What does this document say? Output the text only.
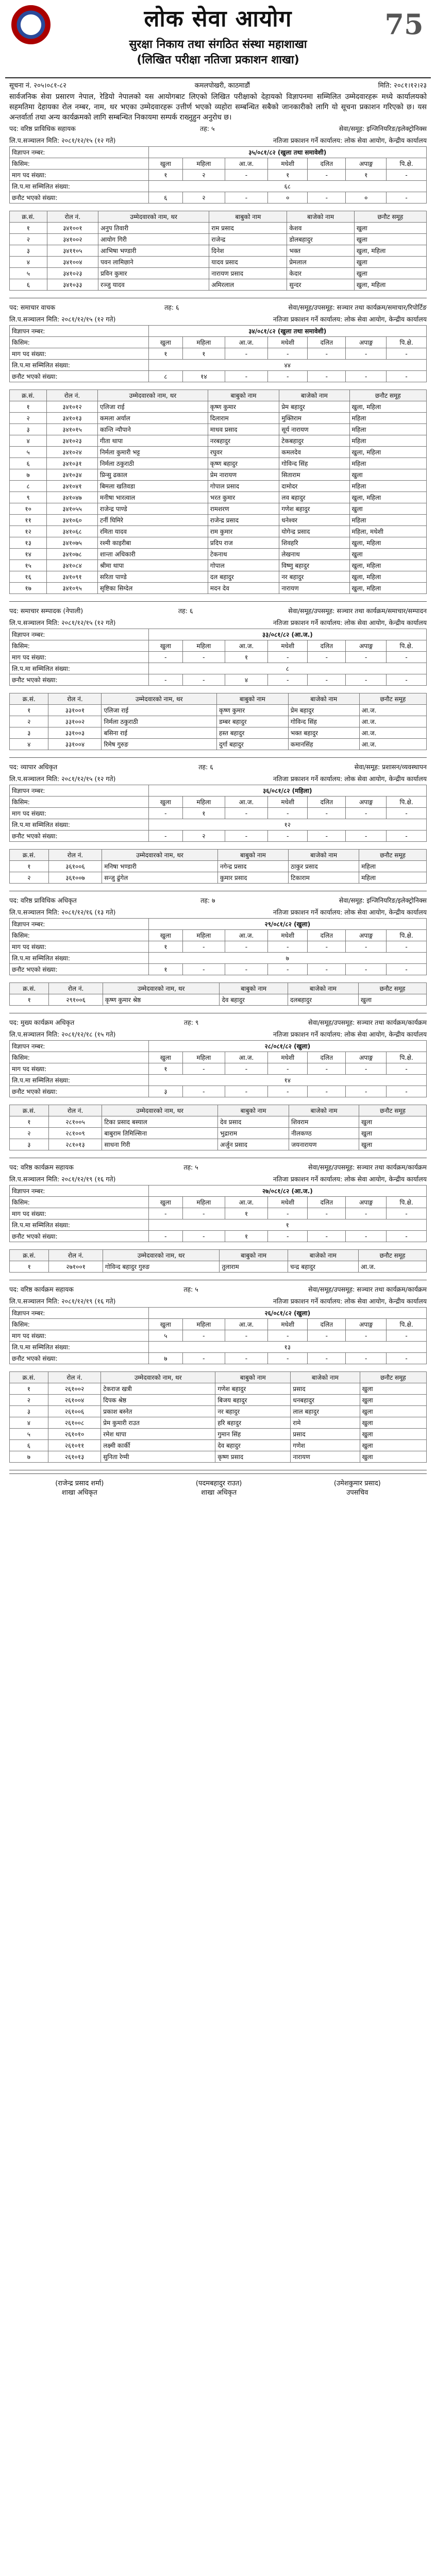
लोक सेवा आयोग
सुरक्षा निकाय तथा संगठित संस्था महाशाखा
(लिखित परीक्षा नतिजा प्रकाशन शाखा)
75
सूचना नं. २०५।०८१-८२	कमलपोखरी, काठमाडौं	मिति: २०८१।१२।२३
सार्वजनिक सेवा प्रसारण नेपाल, रेडियो नेपालको यस आयोगबाट लिएको लिखित परीक्षाको देहायको विज्ञापनमा सम्मिलित उम्मेदवारहरू मध्ये कार्यालयको सहमतिमा देहायका रोल नम्बर, नाम, थर भएका उम्मेदवारहरू उत्तीर्ण भएको व्यहोरा सम्बन्धित सबैको जानकारीको लागि यो सूचना प्रकाशन गरिएको छ। यस अन्तर्वार्ता तथा अन्य कार्यक्रमको लागि सम्बन्धित निकायमा सम्पर्क राख्नुहुन अनुरोध छ।
पद: वरिष्ठ प्राविधिक सहायक	तह: ५	सेवा/समूह: इन्जिनियरिङ/इलेक्ट्रोनिक्स
लि.प.सञ्चालन मिति: २०८१/१२/१५ (१२ गते)	नतिजा प्रकाशन गर्ने कार्यालय: लोक सेवा आयोग, केन्द्रीय कार्यालय
विज्ञापन नम्बर:	३५/०८१/८२ (खुला तथा समावेशी)						
किसिम:	खुला	महिला	आ.ज.	मधेशी	दलित	अपाङ्ग	पि.क्षे.
माग पद संख्या:	१	२	-	१	-	१	-
लि.प.मा सम्मिलित संख्या:	६८						
छनौट भएको संख्या:	६	२	-	०	-	०	-
क्र.सं.	रोल नं.	उम्मेदवारको नाम, थर	बाबुको नाम	बाजेको नाम	छनौट समूह
१	३४१००१	अनुप तिवारी	राम प्रसाद	केशव	खुला
२	३४१००२	आयोग गिरी	राजेन्द्र	डोलबहादुर	खुला
३	३४११०५	आभिषा भण्डारी	दिनेश	भक्त	खुला, महिला
४	३४१००४	पवन लामिछाने	यादव प्रसाद	प्रेमलाल	खुला
५	३४१०२३	प्रविन कुमार	नारायण प्रसाद	केदार	खुला
६	३४१०३३	रञ्जु यादव	अमिरलाल	सुन्दर	खुला, महिला
पद: समाचार वाचक	तह: ६	सेवा/समूह/उपसमूह: सञ्चार तथा कार्यक्रम/समाचार/रिपोर्टिङ
लि.प.सञ्चालन मिति: २०८१/१२/१५ (१२ गते)	नतिजा प्रकाशन गर्ने कार्यालय: लोक सेवा आयोग, केन्द्रीय कार्यालय
विज्ञापन नम्बर:	३४/०८१/८२ (खुला तथा समावेशी)						
किसिम:	खुला	महिला	आ.ज.	मधेशी	दलित	अपाङ्ग	पि.क्षे.
माग पद संख्या:	१	१	-	-	-	-	-
लि.प.मा सम्मिलित संख्या:	४४						
छनौट भएको संख्या:	८	१४	-	-	-	-	-
क्र.सं.	रोल नं.	उम्मेदवारको नाम, थर	बाबुको नाम	बाजेको नाम	छनौट समूह
१	३४१०१२	एलिजा राई	कृष्ण कुमार	प्रेम बहादुर	खुला, महिला
२	३४१०१३	कमला अर्याल	दिलाराम	मुक्तिराम	महिला
३	३४१०१५	कान्ति न्यौपाने	माधव प्रसाद	सूर्य नारायण	महिला
४	३४१०२३	गीता थापा	नरबहादुर	टेकबहादुर	महिला
५	३४१०२४	निर्मला कुमारी भट्ट	रघुवर	कमलदेव	खुला, महिला
६	३४१०३१	निर्मला ठकुराठी	कृष्ण बहादुर	गोविन्द सिंह	महिला
७	३४१०३४	प्रिन्सु ढकाल	प्रेम नारायण	सिताराम	खुला
८	३४१०४१	बिमला खतिवडा	गोपाल प्रसाद	दामोदर	महिला
९	३४१०४७	मनीषा भारत्वाल	भरत कुमार	लव बहादुर	खुला, महिला
१०	३४१०५५	राजेन्द्र पाण्डे	रामशरण	गणेश बहादुर	खुला
११	३४१०६०	टर्नी घिमिरे	राजेन्द्र प्रसाद	धनेश्वर	महिला
१२	३४१०६८	रमिता यादव	राम कुमार	योगेन्द्र प्रसाद	महिला, मधेशी
१३	३४१०७५	रश्मी काइरीबा	प्रदिप राज	शिवहरि	खुला, महिला
१४	३४१०७८	शान्ता अधिकारी	टेकनाथ	लेखनाथ	खुला
१५	३४१०८४	श्रीमा थापा	गोपाल	विष्णु बहादुर	खुला, महिला
१६	३४१०९१	सरिता पाण्डे	दल बहादुर	नर बहादुर	खुला, महिला
१७	३४१०९५	सृष्टिका सिग्देल	मदन देव	नारायण	खुला, महिला
पद: समाचार सम्पादक (नेपाली)	तह: ६	सेवा/समूह/उपसमूह: सञ्चार तथा कार्यक्रम/समाचार/सम्पादन
लि.प.सञ्चालन मिति: २०८१/१२/१५ (१२ गते)	नतिजा प्रकाशन गर्ने कार्यालय: लोक सेवा आयोग, केन्द्रीय कार्यालय
विज्ञापन नम्बर:	३३/०८१/८२ (आ.ज.)						
किसिम:	खुला	महिला	आ.ज.	मधेशी	दलित	अपाङ्ग	पि.क्षे.
माग पद संख्या:	-	-	१	-	-	-	-
लि.प.मा सम्मिलित संख्या:	८						
छनौट भएको संख्या:	-	-	४	-	-	-	-
क्र.सं.	रोल नं.	उम्मेदवारको नाम, थर	बाबुको नाम	बाजेको नाम	छनौट समूह
१	३३१००१	एलिजा राई	कृष्ण कुमार	प्रेम बहादुर	आ.ज.
२	३३१००२	निर्मला ठकुराठी	डम्बर बहादुर	गोविन्द सिंह	आ.ज.
३	३३१००३	बसिना राई	हस्त बहादुर	भक्त बहादुर	आ.ज.
४	३३१००४	रिमेष गुरुङ	दुर्गा बहादुर	कमानसिंह	आ.ज.
पद: व्यापार अधिकृत	तह: ६	सेवा/समूह: प्रशासन/व्यवस्थापन
लि.प.सञ्चालन मिति: २०८१/१२/१५ (१२ गते)	नतिजा प्रकाशन गर्ने कार्यालय: लोक सेवा आयोग, केन्द्रीय कार्यालय
विज्ञापन नम्बर:	३६/०८१/८२ (महिला)						
किसिम:	खुला	महिला	आ.ज.	मधेशी	दलित	अपाङ्ग	पि.क्षे.
माग पद संख्या:	-	१	-	-	-	-	-
लि.प.मा सम्मिलित संख्या:	१२						
छनौट भएको संख्या:	-	२	-	-	-	-	-
क्र.सं.	रोल नं.	उम्मेदवारको नाम, थर	बाबुको नाम	बाजेको नाम	छनौट समूह
१	३६१००६	मनिषा भण्डारी	नगेन्द्र प्रसाद	ठाकुर प्रसाद	महिला
२	३६१००७	सन्जु ढुंगेल	कुमार प्रसाद	टिकाराम	महिला
पद: वरिष्ठ प्राविधिक अधिकृत	तह: ७	सेवा/समूह: इन्जिनियरिङ/इलेक्ट्रोनिक्स
लि.प.सञ्चालन मिति: २०८१/१२/१६ (१३ गते)	नतिजा प्रकाशन गर्ने कार्यालय: लोक सेवा आयोग, केन्द्रीय कार्यालय
विज्ञापन नम्बर:	२९/०८१/८२ (खुला)						
किसिम:	खुला	महिला	आ.ज.	मधेशी	दलित	अपाङ्ग	पि.क्षे.
माग पद संख्या:	१	-	-	-	-	-	-
लि.प.मा सम्मिलित संख्या:	७						
छनौट भएको संख्या:	१	-	-	-	-	-	-
क्र.सं.	रोल नं.	उम्मेदवारको नाम, थर	बाबुको नाम	बाजेको नाम	छनौट समूह
१	२९१००६	कृष्ण कुमार श्रेष्ठ	देव बहादुर	दलबहादुर	खुला
पद: मुख्य कार्यक्रम अधिकृत	तह: ९	सेवा/समूह/उपसमूह: सञ्चार तथा कार्यक्रम/कार्यक्रम
लि.प.सञ्चालन मिति: २०८१/१२/१८ (१५ गते)	नतिजा प्रकाशन गर्ने कार्यालय: लोक सेवा आयोग, केन्द्रीय कार्यालय
विज्ञापन नम्बर:	२८/०८१/८२ (खुला)						
किसिम:	खुला	महिला	आ.ज.	मधेशी	दलित	अपाङ्ग	पि.क्षे.
माग पद संख्या:	१	-	-	-	-	-	-
लि.प.मा सम्मिलित संख्या:	१४						
छनौट भएको संख्या:	३	-	-	-	-	-	-
क्र.सं.	रोल नं.	उम्मेदवारको नाम, थर	बाबुको नाम	बाजेको नाम	छनौट समूह
१	२८१००५	टिका प्रसाद बस्याल	देव प्रसाद	शिवराम	खुला
२	२८१००९	बाबुराम तिमिल्सिना	भुद्राराम	नीलकण्ठ	खुला
३	२८१०१३	साधना गिरी	अर्जुन प्रसाद	जयनारायण	खुला
पद: वरिष्ठ कार्यक्रम सहायक	तह: ५	सेवा/समूह/उपसमूह: सञ्चार तथा कार्यक्रम/कार्यक्रम
लि.प.सञ्चालन मिति: २०८१/१२/१९ (१६ गते)	नतिजा प्रकाशन गर्ने कार्यालय: लोक सेवा आयोग, केन्द्रीय कार्यालय
विज्ञापन नम्बर:	२७/०८१/८२ (आ.ज.)						
किसिम:	खुला	महिला	आ.ज.	मधेशी	दलित	अपाङ्ग	पि.क्षे.
माग पद संख्या:	-	-	१	-	-	-	-
लि.प.मा सम्मिलित संख्या:	१						
छनौट भएको संख्या:	-	-	१	-	-	-	-
क्र.सं.	रोल नं.	उम्मेदवारको नाम, थर	बाबुको नाम	बाजेको नाम	छनौट समूह
१	२७१००१	गोविन्द बहादुर गुरुङ	तुलाराम	चन्द्र बहादुर	आ.ज.
पद: वरिष्ठ कार्यक्रम सहायक	तह: ५	सेवा/समूह/उपसमूह: सञ्चार तथा कार्यक्रम/कार्यक्रम
लि.प.सञ्चालन मिति: २०८१/१२/१९ (१६ गते)	नतिजा प्रकाशन गर्ने कार्यालय: लोक सेवा आयोग, केन्द्रीय कार्यालय
विज्ञापन नम्बर:	२६/०८१/८२ (खुला)						
किसिम:	खुला	महिला	आ.ज.	मधेशी	दलित	अपाङ्ग	पि.क्षे.
माग पद संख्या:	५	-	-	-	-	-	-
लि.प.मा सम्मिलित संख्या:	१३						
छनौट भएको संख्या:	७	-	-	-	-	-	-
क्र.सं.	रोल नं.	उम्मेदवारको नाम, थर	बाबुको नाम	बाजेको नाम	छनौट समूह
१	२६१००२	टेकराज खत्री	गणेश बहादुर	प्रसाद	खुला
२	२६१००४	दिपक श्रेष्ठ	बिजय बहादुर	धनबहादुर	खुला
३	२६१००६	प्रकाश बस्नेत	नर बहादुर	लाल बहादुर	खुला
४	२६१००८	प्रेम कुमारी राउत	हरि बहादुर	रामे	खुला
५	२६१०१०	रमेश थापा	गुमान सिंह	प्रसाद	खुला
६	२६१०११	लक्ष्मी कार्की	देव बहादुर	गणेश	खुला
७	२६१०१३	सुनिता रेग्मी	कृष्ण प्रसाद	नारायण	खुला
(राजेन्द्र प्रसाद शर्मा)
शाखा अधिकृत
(पदमबहादुर राउत)
शाखा अधिकृत
(उमेशकुमार प्रसाद)
उपसचिव
